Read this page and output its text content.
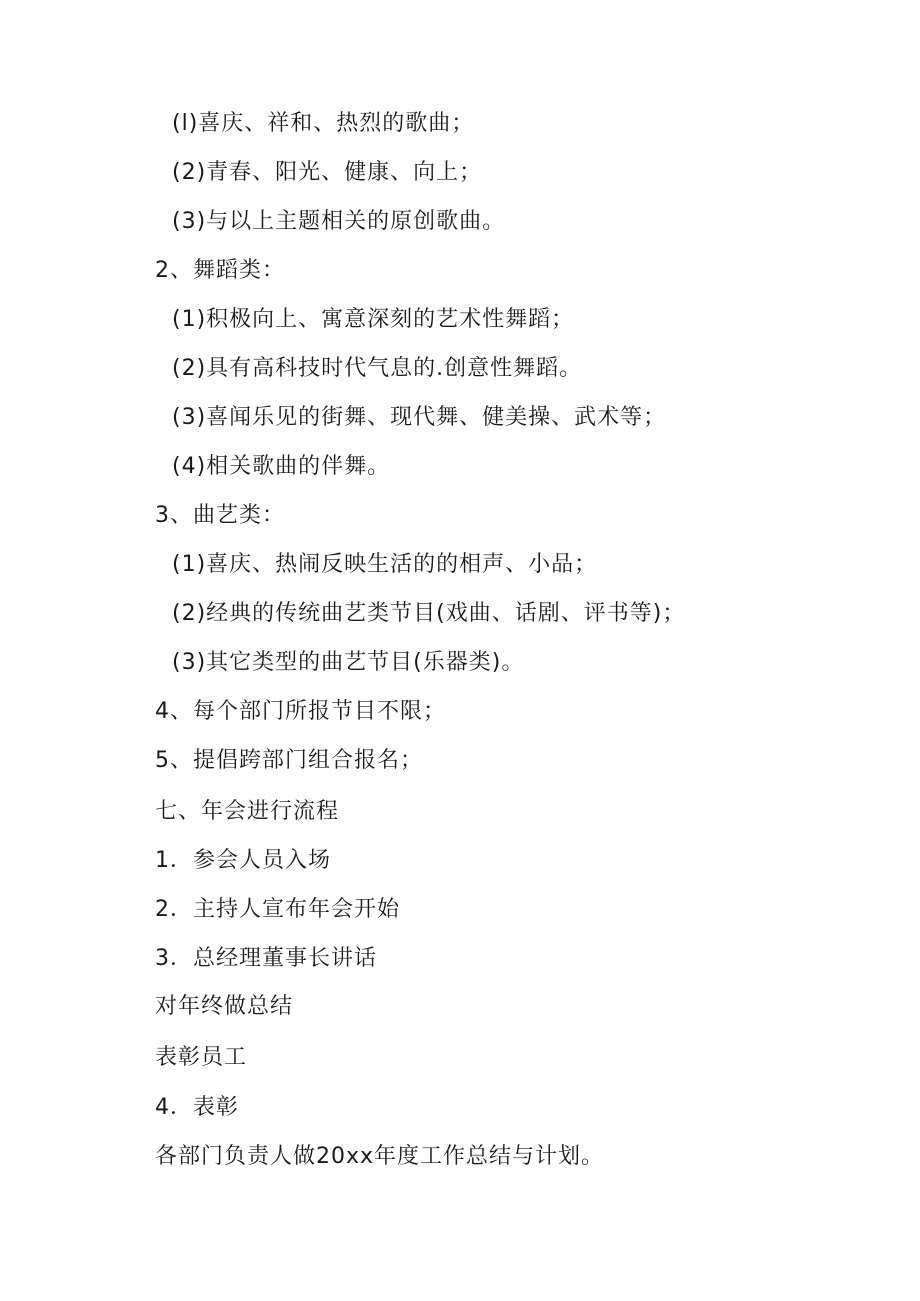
(l)喜庆、祥和、热烈的歌曲；
(2)青春、阳光、健康、向上；
(3)与以上主题相关的原创歌曲。
2、舞蹈类：
(1)积极向上、寓意深刻的艺术性舞蹈；
(2)具有高科技时代气息的.创意性舞蹈。
(3)喜闻乐见的街舞、现代舞、健美操、武术等；
(4)相关歌曲的伴舞。
3、曲艺类：
(1)喜庆、热闹反映生活的的相声、小品；
(2)经典的传统曲艺类节目(戏曲、话剧、评书等)；
(3)其它类型的曲艺节目(乐器类)。
4、每个部门所报节目不限；
5、提倡跨部门组合报名；
七、年会进行流程
1．参会人员入场
2．主持人宣布年会开始
3．总经理董事长讲话
对年终做总结
表彰员工
4．表彰
各部门负责人做20xx年度工作总结与计划。
